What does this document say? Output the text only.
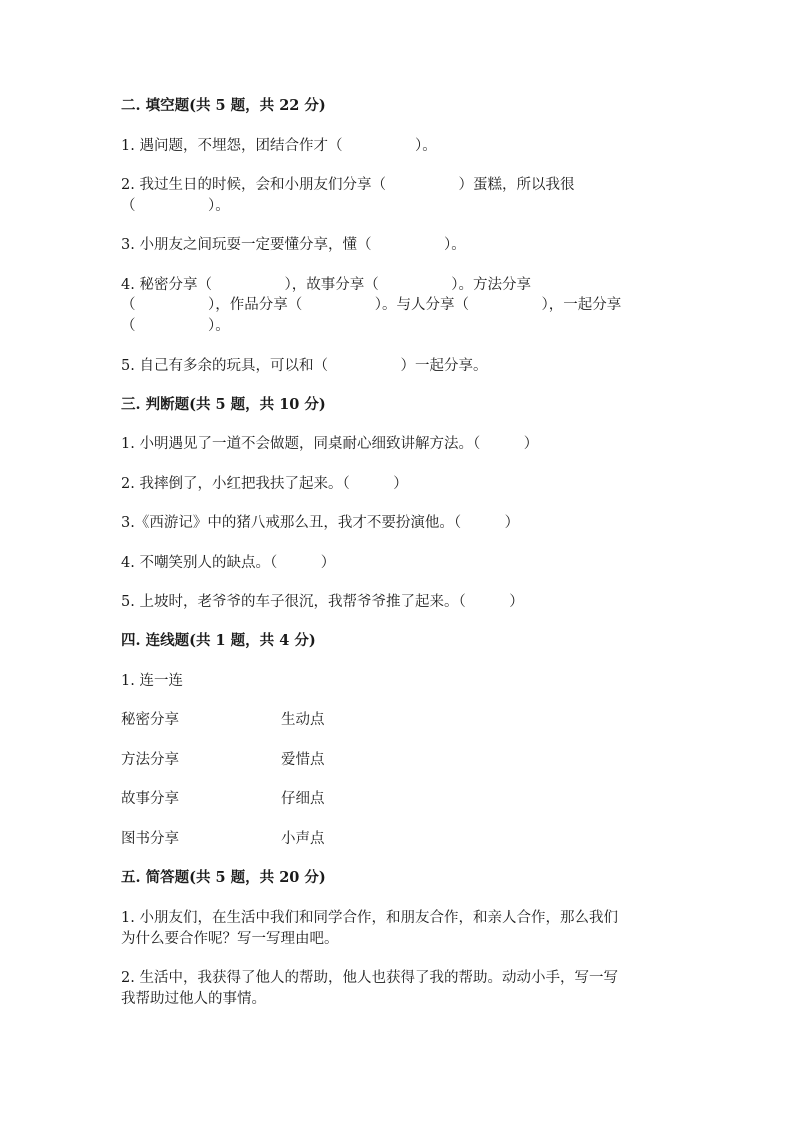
二. 填空题(共 5 题，共 22 分)
1. 遇问题，不埋怨，团结合作才（　　　　　）。
2. 我过生日的时候，会和小朋友们分享（　　　　　）蛋糕，所以我很
（　　　　　）。
3. 小朋友之间玩耍一定要懂分享，懂（　　　　　）。
4. 秘密分享（　　　　　），故事分享（　　　　　）。方法分享
（　　　　　），作品分享（　　　　　）。与人分享（　　　　　），一起分享
（　　　　　）。
5. 自己有多余的玩具，可以和（　　　　　）一起分享。
三. 判断题(共 5 题，共 10 分)
1. 小明遇见了一道不会做题，同桌耐心细致讲解方法。（　　　）
2. 我摔倒了，小红把我扶了起来。（　　　）
3.《西游记》中的猪八戒那么丑，我才不要扮演他。（　　　）
4. 不嘲笑别人的缺点。（　　　）
5. 上坡时，老爷爷的车子很沉，我帮爷爷推了起来。（　　　）
四. 连线题(共 1 题，共 4 分)
1. 连一连
秘密分享	生动点
方法分享	爱惜点
故事分享	仔细点
图书分享	小声点
五. 简答题(共 5 题，共 20 分)
1. 小朋友们，在生活中我们和同学合作，和朋友合作，和亲人合作，那么我们
为什么要合作呢？写一写理由吧。
2. 生活中，我获得了他人的帮助，他人也获得了我的帮助。动动小手，写一写
我帮助过他人的事情。
